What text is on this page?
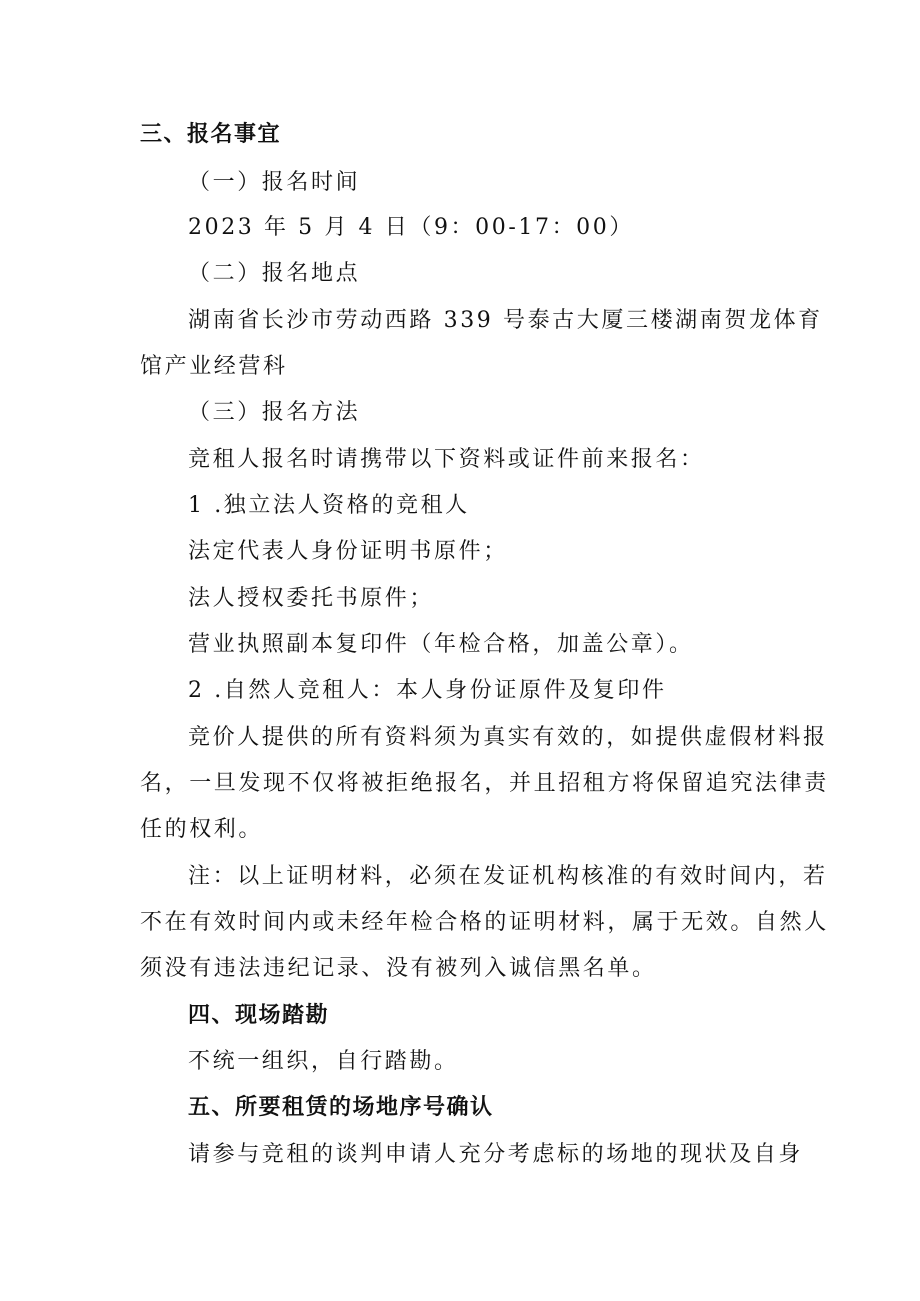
三、报名事宜
（一）报名时间
2023 年 5 月 4 日（9：00-17：00）
（二）报名地点
湖南省长沙市劳动西路 339 号泰古大厦三楼湖南贺龙体育
馆产业经营科
（三）报名方法
竞租人报名时请携带以下资料或证件前来报名：
1 .独立法人资格的竞租人
法定代表人身份证明书原件；
法人授权委托书原件；
营业执照副本复印件（年检合格，加盖公章）。
2 .自然人竞租人：本人身份证原件及复印件
竞价人提供的所有资料须为真实有效的，如提供虚假材料报
名，一旦发现不仅将被拒绝报名，并且招租方将保留追究法律责
任的权利。
注：以上证明材料，必须在发证机构核准的有效时间内，若
不在有效时间内或未经年检合格的证明材料，属于无效。自然人
须没有违法违纪记录、没有被列入诚信黑名单。
四、现场踏勘
不统一组织，自行踏勘。
五、所要租赁的场地序号确认
请参与竞租的谈判申请人充分考虑标的场地的现状及自身
